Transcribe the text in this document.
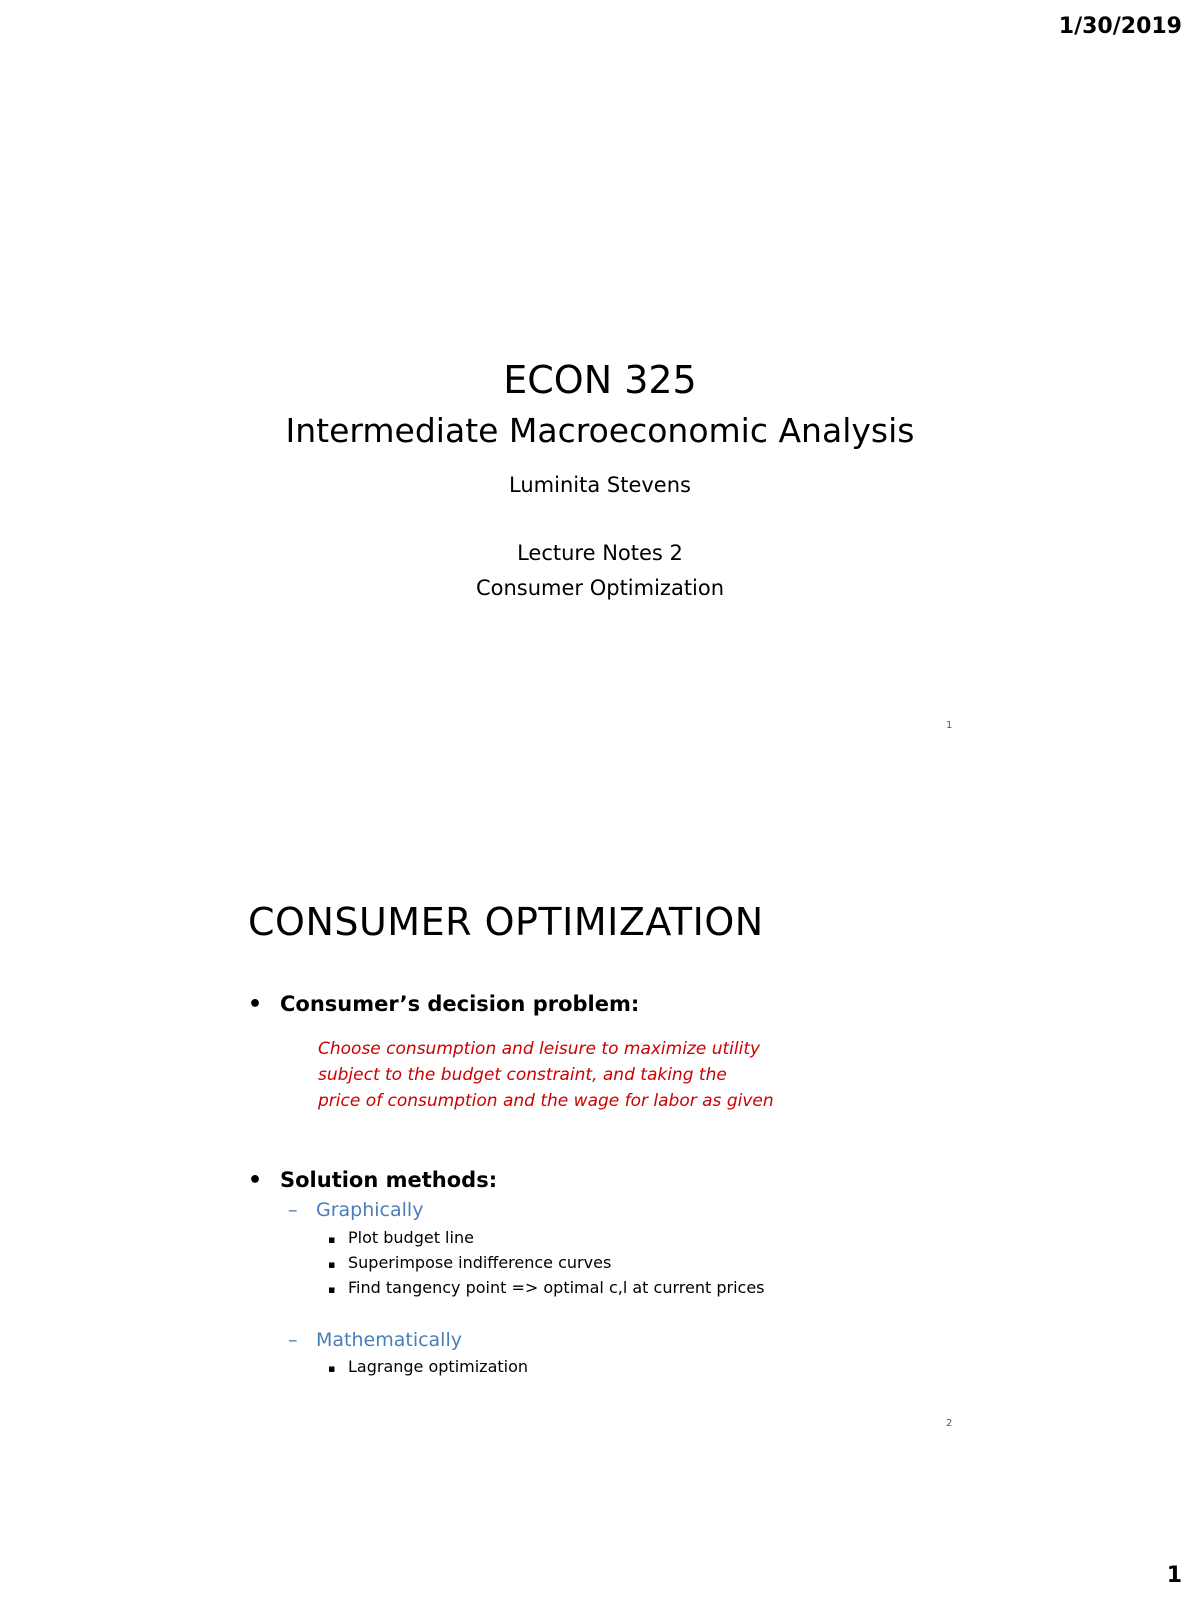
1/30/2019
ECON 325
Intermediate Macroeconomic Analysis
Luminita Stevens
Lecture Notes 2
Consumer Optimization
1
CONSUMER OPTIMIZATION
• Consumer’s decision problem:
Choose consumption and leisure to maximize utility
subject to the budget constraint, and taking the
price of consumption and the wage for labor as given
• Solution methods:
– Graphically
▪ Plot budget line
▪ Superimpose indifference curves
▪ Find tangency point => optimal c,l at current prices
– Mathematically
▪ Lagrange optimization
2
1
